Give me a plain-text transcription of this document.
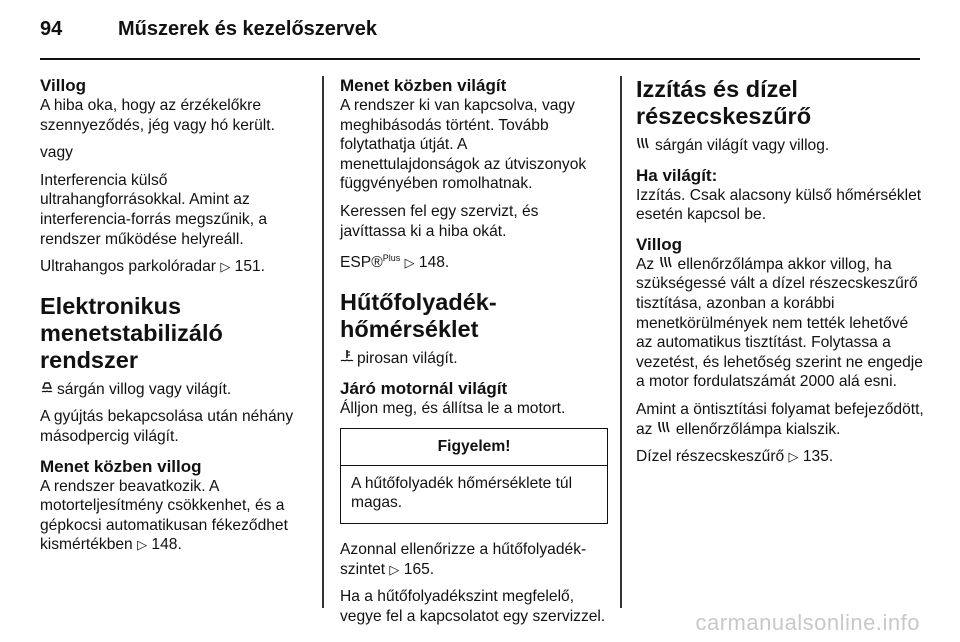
94	Műszerek és kezelőszervek
Villog

A hiba oka, hogy az érzékelőkre szennyeződés, jég vagy hó került.

vagy

Interferencia külső ultrahangforrásokkal. Amint az interferencia-forrás megszűnik, a rendszer működése helyreáll.

Ultrahangos parkolóradar ▷ 151.

Elektronikus menetstabilizáló rendszer

sárgán villog vagy világít.

A gyújtás bekapcsolása után néhány másodpercig világít.

Menet közben villog

A rendszer beavatkozik. A motorteljesítmény csökkenhet, és a gépkocsi automatikusan fékeződhet kismértékben ▷ 148.

Menet közben világít

A rendszer ki van kapcsolva, vagy meghibásodás történt. Tovább folytathatja útját. A menettulajdonságok az útviszonyok függvényében romolhatnak.

Keressen fel egy szervizt, és javíttassa ki a hiba okát.

ESP®$^{Plus}$ ▷ 148.

Hűtőfolyadék-hőmérséklet

pirosan világít.

Járó motornál világít

Álljon meg, és állítsa le a motort.

Figyelem!
A hűtőfolyadék hőmérséklete túl magas.

Azonnal ellenőrizze a hűtőfolyadék-szintet ▷ 165.

Ha a hűtőfolyadékszint megfelelő, vegye fel a kapcsolatot egy szervizzel.

Izzítás és dízel részecskeszűrő

sárgán világít vagy villog.

Ha világít:

Izzítás. Csak alacsony külső hőmérséklet esetén kapcsol be.

Villog

Az ellenőrzőlámpa akkor villog, ha szükségessé vált a dízel részecskeszűrő tisztítása, azonban a korábbi menetkörülmények nem tették lehetővé az automatikus tisztítást. Folytassa a vezetést, és lehetőség szerint ne engedje a motor fordulatszámát 2000 alá esni.

Amint a öntisztítási folyamat befejeződött, az ellenőrzőlámpa kialszik.

Dízel részecskeszűrő ▷ 135.

carmanualsonline.info
